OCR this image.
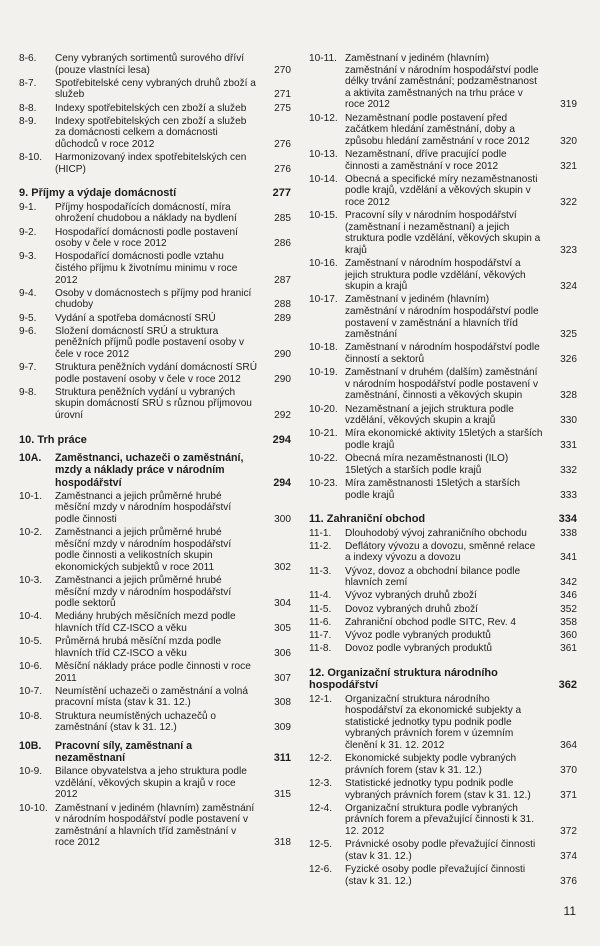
8-6.	Ceny vybraných sortimentů surového dříví (pouze vlastníci lesa)	270
8-7.	Spotřebitelské ceny vybraných druhů zboží a služeb	271
8-8.	Indexy spotřebitelských cen zboží a služeb	275
8-9.	Indexy spotřebitelských cen zboží a služeb za domácnosti celkem a domácnosti důchodců v roce 2012	276
8-10.	Harmonizovaný index spotřebitelských cen (HICP)	276
9. Příjmy a výdaje domácností	277
9-1.	Příjmy hospodařících domácností, míra ohrožení chudobou a náklady na bydlení	285
9-2.	Hospodařící domácnosti podle postavení osoby v čele v roce 2012	286
9-3.	Hospodařící domácnosti podle vztahu čistého příjmu k životnímu minimu v roce 2012	287
9-4.	Osoby v domácnostech s příjmy pod hranicí chudoby	288
9-5.	Vydání a spotřeba domácností SRÚ	289
9-6.	Složení domácností SRÚ a struktura peněžních příjmů podle postavení osoby v čele v roce 2012	290
9-7.	Struktura peněžních vydání domácností SRÚ podle postavení osoby v čele v roce 2012	290
9-8.	Struktura peněžních vydání u vybraných skupin domácností SRÚ s různou příjmovou úrovní	292
10. Trh práce	294
10A.	Zaměstnanci, uchazeči o zaměstnání, mzdy a náklady práce v národním hospodářství	294
10-1.	Zaměstnanci a jejich průměrné hrubé měsíční mzdy v národním hospodářství podle činnosti	300
10-2.	Zaměstnanci a jejich průměrné hrubé měsíční mzdy v národním hospodářství podle činnosti a velikostních skupin ekonomických subjektů v roce 2011	302
10-3.	Zaměstnanci a jejich průměrné hrubé měsíční mzdy v národním hospodářství podle sektorů	304
10-4.	Mediány hrubých měsíčních mezd podle hlavních tříd CZ-ISCO a věku	305
10-5.	Průměrná hrubá měsíční mzda podle hlavních tříd CZ-ISCO a věku	306
10-6.	Měsíční náklady práce podle činnosti v roce 2011	307
10-7.	Neumístění uchazeči o zaměstnání a volná pracovní místa (stav k 31. 12.)	308
10-8.	Struktura neumístěných uchazečů o zaměstnání (stav k 31. 12.)	309
10B.	Pracovní síly, zaměstnaní a nezaměstnaní	311
10-9.	Bilance obyvatelstva a jeho struktura podle vzdělání, věkových skupin a krajů v roce 2012	315
10-10. Zaměstnaní v jediném (hlavním) zaměstnání v národním hospodářství podle postavení v zaměstnání a hlavních tříd zaměstnání v roce 2012	318
10-11. Zaměstnaní v jediném (hlavním) zaměstnání v národním hospodářství podle délky trvání zaměstnání; podzaměstnanost a aktivita zaměstnaných na trhu práce v roce 2012	319
10-12. Nezaměstnaní podle postavení před začátkem hledání zaměstnání, doby a způsobu hledání zaměstnání v roce 2012	320
10-13. Nezaměstnaní, dříve pracující podle činnosti a zaměstnání v roce 2012	321
10-14. Obecná a specifické míry nezaměstnanosti podle krajů, vzdělání a věkových skupin v roce 2012	322
10-15. Pracovní síly v národním hospodářství (zaměstnaní i nezaměstnaní) a jejich struktura podle vzdělání, věkových skupin a krajů	323
10-16. Zaměstnaní v národním hospodářství a jejich struktura podle vzdělání, věkových skupin a krajů	324
10-17. Zaměstnaní v jediném (hlavním) zaměstnání v národním hospodářství podle postavení v zaměstnání a hlavních tříd zaměstnání	325
10-18. Zaměstnaní v národním hospodářství podle činností a sektorů	326
10-19. Zaměstnaní v druhém (dalším) zaměstnání v národním hospodářství podle postavení v zaměstnání, činnosti a věkových skupin	328
10-20. Nezaměstnaní a jejich struktura podle vzdělání, věkových skupin a krajů	330
10-21. Míra ekonomické aktivity 15letých a starších podle krajů	331
10-22. Obecná míra nezaměstnanosti (ILO) 15letých a starších podle krajů	332
10-23. Míra zaměstnanosti 15letých a starších podle krajů	333
11. Zahraniční obchod	334
11-1.	Dlouhodobý vývoj zahraničního obchodu	338
11-2.	Deflátory vývozu a dovozu, směnné relace a indexy vývozu a dovozu	341
11-3.	Vývoz, dovoz a obchodní bilance podle hlavních zemí	342
11-4.	Vývoz vybraných druhů zboží	346
11-5.	Dovoz vybraných druhů zboží	352
11-6.	Zahraniční obchod podle SITC, Rev. 4	358
11-7.	Vývoz podle vybraných produktů	360
11-8.	Dovoz podle vybraných produktů	361
12. Organizační struktura národního hospodářství	362
12-1.	Organizační struktura národního hospodářství za ekonomické subjekty a statistické jednotky typu podnik podle vybraných právních forem v územním členění k 31. 12. 2012	364
12-2.	Ekonomické subjekty podle vybraných právních forem (stav k 31. 12.)	370
12-3.	Statistické jednotky typu podnik podle vybraných právních forem (stav k 31. 12.)	371
12-4.	Organizační struktura podle vybraných právních forem a převažující činnosti k 31. 12. 2012	372
12-5.	Právnické osoby podle převažující činnosti (stav k 31. 12.)	374
12-6.	Fyzické osoby podle převažující činnosti (stav k 31. 12.)	376
11
